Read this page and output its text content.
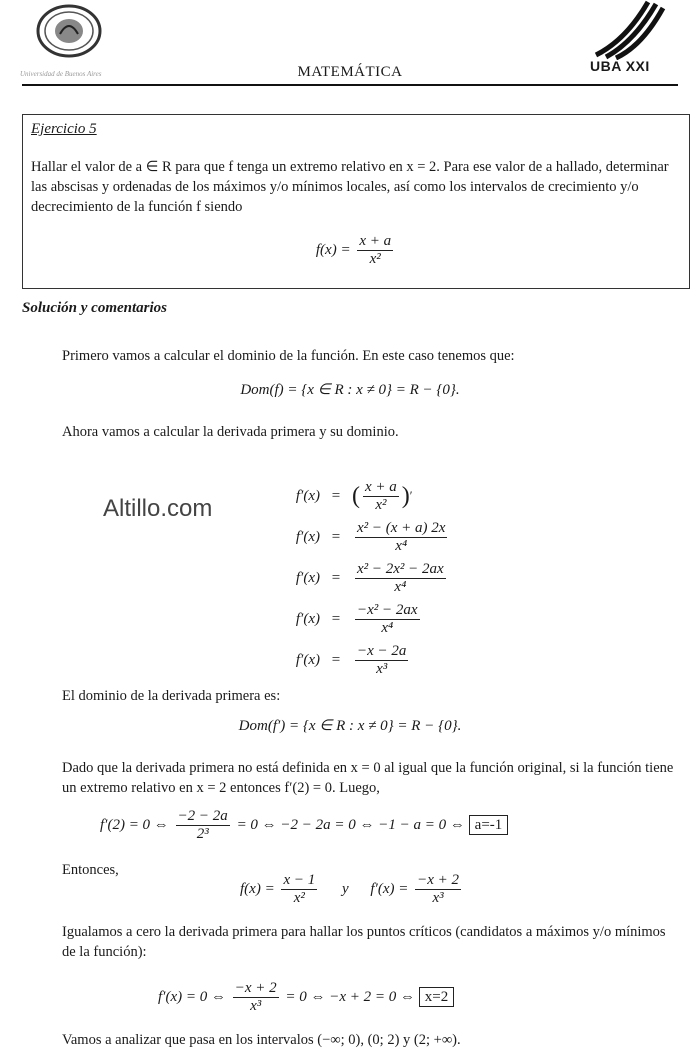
Universidad de Buenos Aires	MATEMÁTICA	UBA XXI
Ejercicio 5
Hallar el valor de a ∈ R para que f tenga un extremo relativo en x = 2. Para ese valor de a hallado, determinar las abscisas y ordenadas de los máximos y/o mínimos locales, así como los intervalos de crecimiento y/o decrecimiento de la función f siendo
$f(x) = \frac{x + a}{\text{x²}}$
Solución y comentarios
Primero vamos a calcular el dominio de la función. En este caso tenemos que:
Dom(f) = {x ∈ R : x ≠ 0} = R − {0}.
Ahora vamos a calcular la derivada primera y su dominio.
Altillo.com	f′(x) = ( $\frac{x + a}{\text{x²}}$ ) ′
$f'(x) = \frac{\text{x² − (x + a) 2x}}{\text{x⁴}}$
$f'(x) = \frac{\text{x² − 2x² − 2ax}}{\text{x⁴}}$
$f'(x) = \frac{\text{−x² − 2ax}}{\text{x⁴}}$
$f'(x) = \frac{-x - 2a}{\text{x³}}$
El dominio de la derivada primera es:
Dom(f′) = {x ∈ R : x ≠ 0} = R − {0}.
Dado que la derivada primera no está definida en x = 0 al igual que la función original, si la función tiene un extremo relativo en x = 2 entonces f′(2) = 0. Luego,
f′(2) = 0 ⇔ $\frac{-2 - 2a}{\text{2³}} = 0$ ⇔ −2 − 2a = 0 ⇔ −1 − a = 0 ⇔ a=-1
Entonces,
$f(x) = \frac{x - 1}{\text{x²}}$ y $f'(x) = \frac{-x + 2}{\text{x³}}$
Igualamos a cero la derivada primera para hallar los puntos críticos (candidatos a máximos y/o mínimos de la función):
f′(x) = 0 ⇔ $\frac{-x + 2}{\text{x³}} = 0$ ⇔ −x + 2 = 0 ⇔ x=2
Vamos a analizar que pasa en los intervalos (−∞; 0), (0; 2) y (2; +∞).
